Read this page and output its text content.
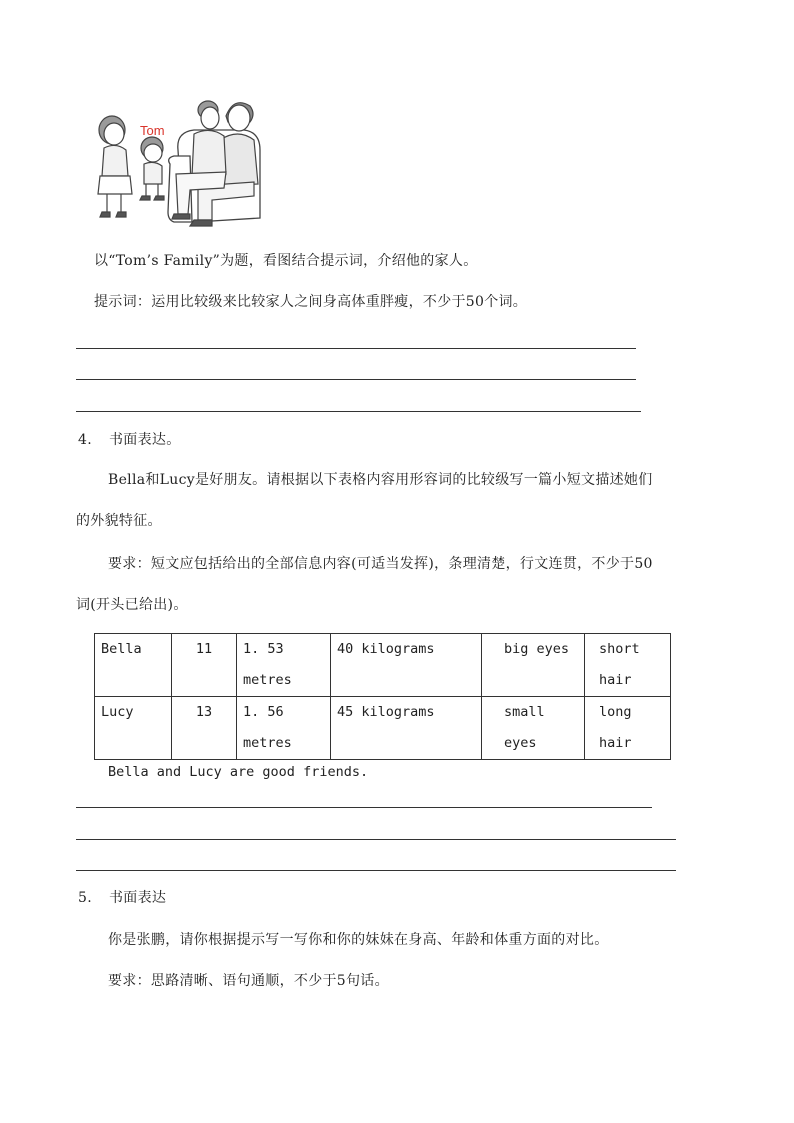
Tom
以“Tom’s Family”为题，看图结合提示词，介绍他的家人。
提示词：运用比较级来比较家人之间身高体重胖瘦，不少于50个词。
4. 书面表达。
Bella和Lucy是好朋友。请根据以下表格内容用形容词的比较级写一篇小短文描述她们
的外貌特征。
要求：短文应包括给出的全部信息内容(可适当发挥)，条理清楚，行文连贯，不少于50
词(开头已给出)。
Bella	11	1. 53 metres	40 kilograms	big eyes	short hair
Lucy	13	1. 56 metres	45 kilograms	small eyes	long hair
Bella and Lucy are good friends.
5. 书面表达
你是张鹏，请你根据提示写一写你和你的妹妹在身高、年龄和体重方面的对比。
要求：思路清晰、语句通顺，不少于5句话。
